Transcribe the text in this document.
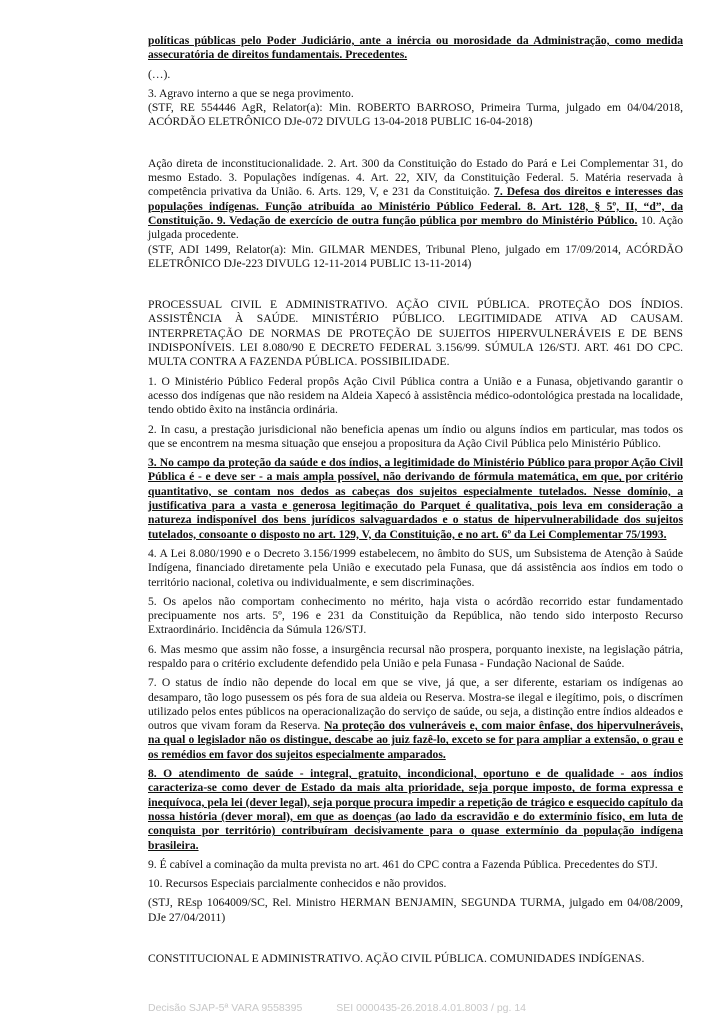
políticas públicas pelo Poder Judiciário, ante a inércia ou morosidade da Administração, como medida assecuratória de direitos fundamentais. Precedentes.

(…).

3. Agravo interno a que se nega provimento.

(STF, RE 554446 AgR, Relator(a): Min. ROBERTO BARROSO, Primeira Turma, julgado em 04/04/2018, ACÓRDÃO ELETRÔNICO DJe-072 DIVULG 13-04-2018 PUBLIC 16-04-2018)

Ação direta de inconstitucionalidade. 2. Art. 300 da Constituição do Estado do Pará e Lei Complementar 31, do mesmo Estado. 3. Populações indígenas. 4. Art. 22, XIV, da Constituição Federal. 5. Matéria reservada à competência privativa da União. 6. Arts. 129, V, e 231 da Constituição. 7. Defesa dos direitos e interesses das populações indígenas. Função atribuída ao Ministério Público Federal. 8. Art. 128, § 5º, II, “d”, da Constituição. 9. Vedação de exercício de outra função pública por membro do Ministério Público. 10. Ação julgada procedente.

(STF, ADI 1499, Relator(a): Min. GILMAR MENDES, Tribunal Pleno, julgado em 17/09/2014, ACÓRDÃO ELETRÔNICO DJe-223 DIVULG 12-11-2014 PUBLIC 13-11-2014)

PROCESSUAL CIVIL E ADMINISTRATIVO. AÇÃO CIVIL PÚBLICA. PROTEÇÃO DOS ÍNDIOS. ASSISTÊNCIA À SAÚDE. MINISTÉRIO PÚBLICO. LEGITIMIDADE ATIVA AD CAUSAM. INTERPRETAÇÃO DE NORMAS DE PROTEÇÃO DE SUJEITOS HIPERVULNERÁVEIS E DE BENS INDISPONÍVEIS. LEI 8.080/90 E DECRETO FEDERAL 3.156/99. SÚMULA 126/STJ. ART. 461 DO CPC. MULTA CONTRA A FAZENDA PÚBLICA. POSSIBILIDADE.

1. O Ministério Público Federal propôs Ação Civil Pública contra a União e a Funasa, objetivando garantir o acesso dos indígenas que não residem na Aldeia Xapecó à assistência médico-odontológica prestada na localidade, tendo obtido êxito na instância ordinária.

2. In casu, a prestação jurisdicional não beneficia apenas um índio ou alguns índios em particular, mas todos os que se encontrem na mesma situação que ensejou a propositura da Ação Civil Pública pelo Ministério Público.

3. No campo da proteção da saúde e dos índios, a legitimidade do Ministério Público para propor Ação Civil Pública é - e deve ser - a mais ampla possível, não derivando de fórmula matemática, em que, por critério quantitativo, se contam nos dedos as cabeças dos sujeitos especialmente tutelados. Nesse domínio, a justificativa para a vasta e generosa legitimação do Parquet é qualitativa, pois leva em consideração a natureza indisponível dos bens jurídicos salvaguardados e o status de hipervulnerabilidade dos sujeitos tutelados, consoante o disposto no art. 129, V, da Constituição, e no art. 6º da Lei Complementar 75/1993.

4. A Lei 8.080/1990 e o Decreto 3.156/1999 estabelecem, no âmbito do SUS, um Subsistema de Atenção à Saúde Indígena, financiado diretamente pela União e executado pela Funasa, que dá assistência aos índios em todo o território nacional, coletiva ou individualmente, e sem discriminações.

5. Os apelos não comportam conhecimento no mérito, haja vista o acórdão recorrido estar fundamentado precipuamente nos arts. 5º, 196 e 231 da Constituição da República, não tendo sido interposto Recurso Extraordinário. Incidência da Súmula 126/STJ.

6. Mas mesmo que assim não fosse, a insurgência recursal não prospera, porquanto inexiste, na legislação pátria, respaldo para o critério excludente defendido pela União e pela Funasa - Fundação Nacional de Saúde.

7. O status de índio não depende do local em que se vive, já que, a ser diferente, estariam os indígenas ao desamparo, tão logo pusessem os pés fora de sua aldeia ou Reserva. Mostra-se ilegal e ilegítimo, pois, o discrímen utilizado pelos entes públicos na operacionalização do serviço de saúde, ou seja, a distinção entre índios aldeados e outros que vivam foram da Reserva. Na proteção dos vulneráveis e, com maior ênfase, dos hipervulneráveis, na qual o legislador não os distingue, descabe ao juiz fazê-lo, exceto se for para ampliar a extensão, o grau e os remédios em favor dos sujeitos especialmente amparados.

8. O atendimento de saúde - integral, gratuito, incondicional, oportuno e de qualidade - aos índios caracteriza-se como dever de Estado da mais alta prioridade, seja porque imposto, de forma expressa e inequívoca, pela lei (dever legal), seja porque procura impedir a repetição de trágico e esquecido capítulo da nossa história (dever moral), em que as doenças (ao lado da escravidão e do extermínio físico, em luta de conquista por território) contribuíram decisivamente para o quase extermínio da população indígena brasileira.

9. É cabível a cominação da multa prevista no art. 461 do CPC contra a Fazenda Pública. Precedentes do STJ.

10. Recursos Especiais parcialmente conhecidos e não providos.

(STJ, REsp 1064009/SC, Rel. Ministro HERMAN BENJAMIN, SEGUNDA TURMA, julgado em 04/08/2009, DJe 27/04/2011)

CONSTITUCIONAL E ADMINISTRATIVO. AÇÃO CIVIL PÚBLICA. COMUNIDADES INDÍGENAS.

Decisão SJAP-5ª VARA 9558395	SEI 0000435-26.2018.4.01.8003 / pg. 14
